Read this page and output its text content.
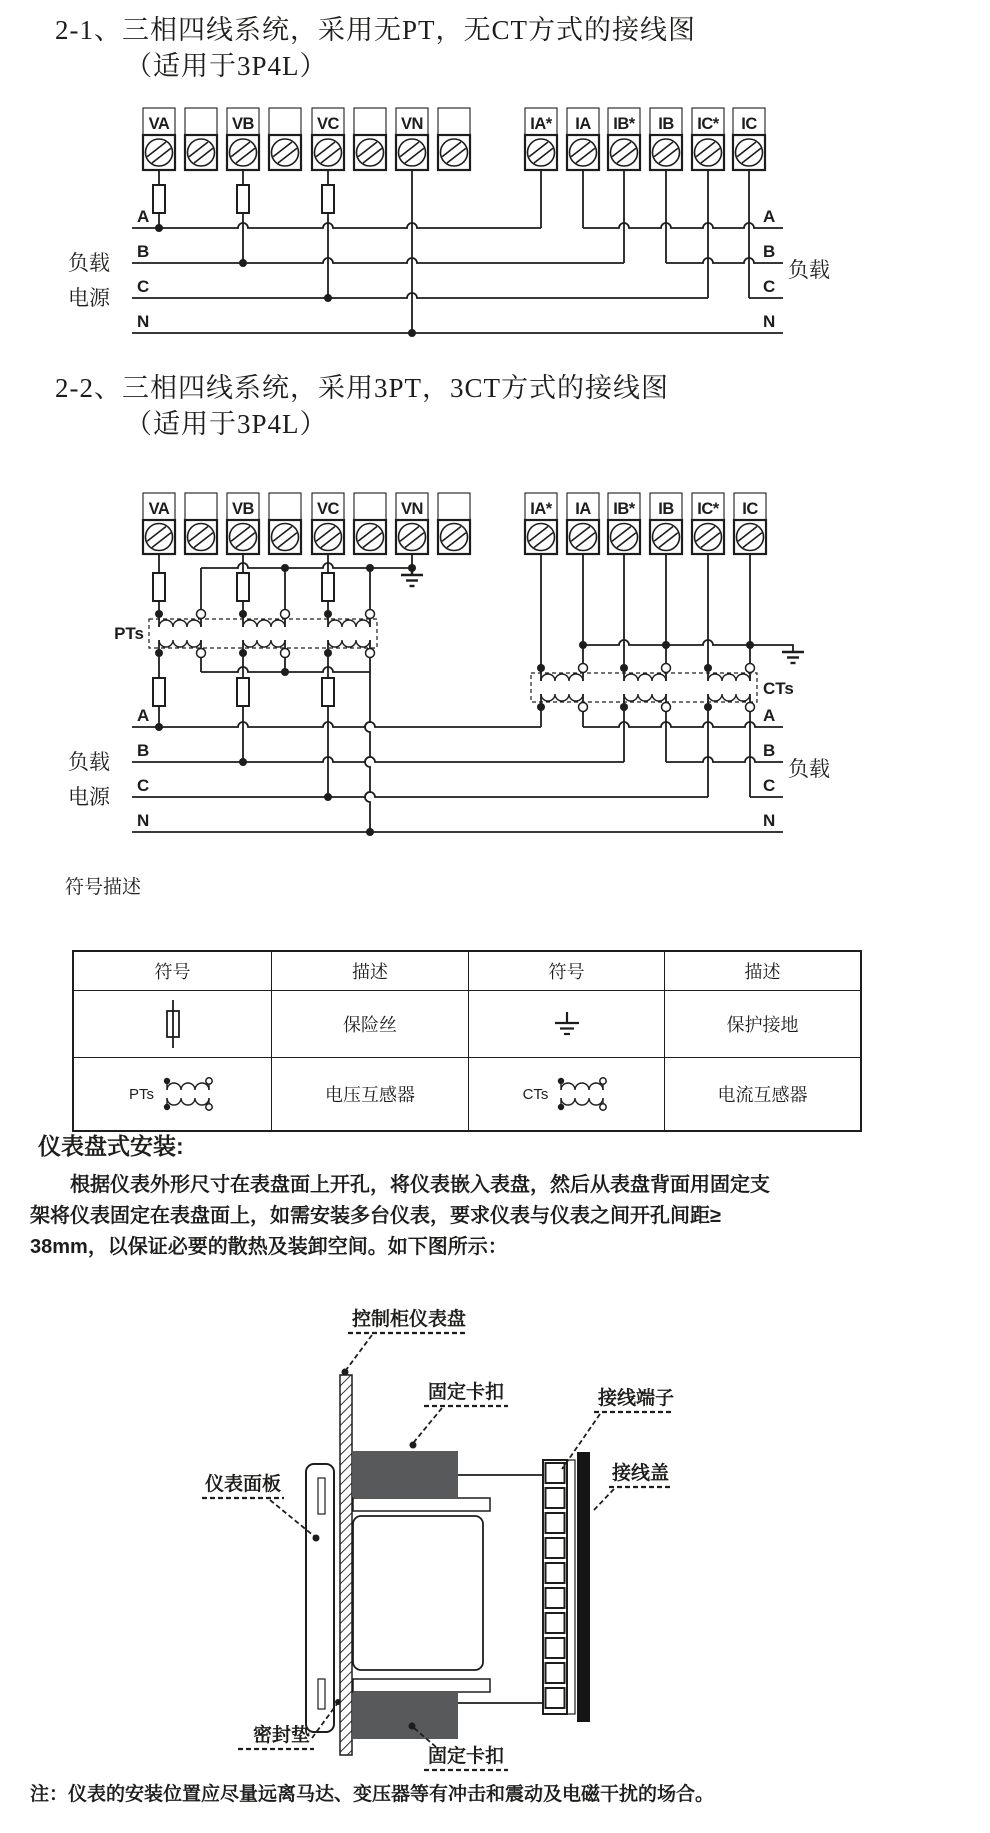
2-1、三相四线系统，采用无PT，无CT方式的接线图
（适用于3P4L）
VA	VB	VC	VN	IA* IA IB* IB IC* IC
A
B
C
N
A
B
C
N
负载
电源
负载
2-2、三相四线系统，采用3PT，3CT方式的接线图
（适用于3P4L）
VA	VB	VC	VN	IA* IA IB* IB IC* IC
PTs
CTs
A
B
C
N
A
B
C
N
负载
电源
负载
符号描述
符号	描述	符号	描述

	保险丝		保护接地

PTs	电压互感器	CTs	电流互感器
仪表盘式安装:
根据仪表外形尺寸在表盘面上开孔，将仪表嵌入表盘，然后从表盘背面用固定支
架将仪表固定在表盘面上，如需安装多台仪表，要求仪表与仪表之间开孔间距≥
38mm，以保证必要的散热及装卸空间。如下图所示：
控制柜仪表盘
固定卡扣	接线端子
接线盖
仪表面板
密封垫
固定卡扣
注：仪表的安装位置应尽量远离马达、变压器等有冲击和震动及电磁干扰的场合。
